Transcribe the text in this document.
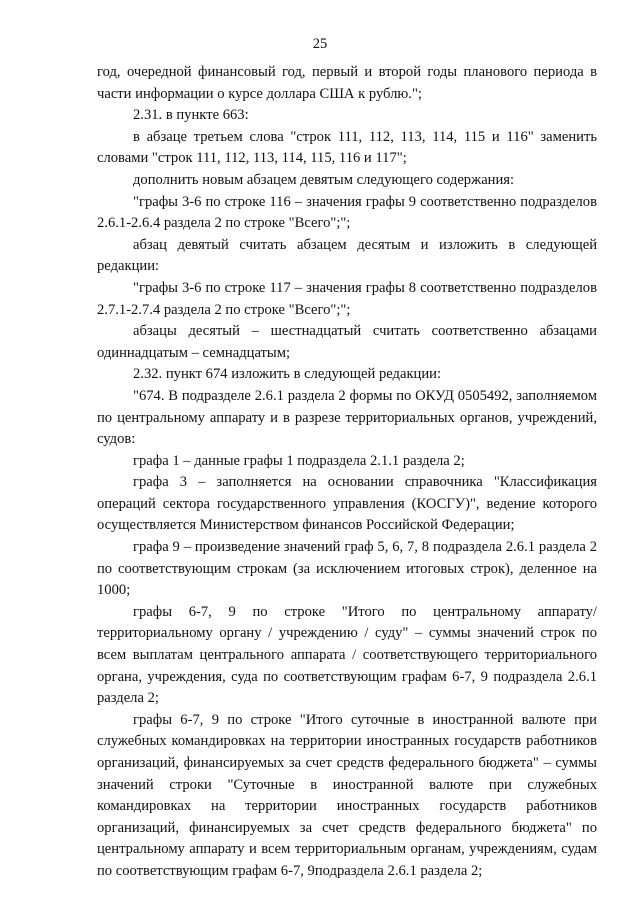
25

год, очередной финансовый год, первый и второй годы планового периода в части информации о курсе доллара США к рублю.";

2.31. в пункте 663:

в абзаце третьем слова "строк 111, 112, 113, 114, 115 и 116" заменить словами "строк 111, 112, 113, 114, 115, 116 и 117";

дополнить новым абзацем девятым следующего содержания:

"графы 3-6 по строке 116 – значения графы 9 соответственно подразделов 2.6.1-2.6.4 раздела 2 по строке "Всего";";

абзац девятый считать абзацем десятым и изложить в следующей редакции:

"графы 3-6 по строке 117 – значения графы 8 соответственно подразделов 2.7.1-2.7.4 раздела 2 по строке "Всего";";

абзацы десятый – шестнадцатый считать соответственно абзацами одиннадцатым – семнадцатым;

2.32. пункт 674 изложить в следующей редакции:

"674. В подразделе 2.6.1 раздела 2 формы по ОКУД 0505492, заполняемом по центральному аппарату и в разрезе территориальных органов, учреждений, судов:

графа 1 – данные графы 1 подраздела 2.1.1 раздела 2;

графа 3 – заполняется на основании справочника "Классификация операций сектора государственного управления (КОСГУ)", ведение которого осуществляется Министерством финансов Российской Федерации;

графа 9 – произведение значений граф 5, 6, 7, 8 подраздела 2.6.1 раздела 2 по соответствующим строкам (за исключением итоговых строк), деленное на 1000;

графы 6-7, 9 по строке "Итого по центральному аппарату/ территориальному органу / учреждению / суду" – суммы значений строк по всем выплатам центрального аппарата / соответствующего территориального органа, учреждения, суда по соответствующим графам 6-7, 9 подраздела 2.6.1 раздела 2;

графы 6-7, 9 по строке "Итого суточные в иностранной валюте при служебных командировках на территории иностранных государств работников организаций, финансируемых за счет средств федерального бюджета" – суммы значений строки "Суточные в иностранной валюте при служебных командировках на территории иностранных государств работников организаций, финансируемых за счет средств федерального бюджета" по центральному аппарату и всем территориальным органам, учреждениям, судам по соответствующим графам 6-7, 9подраздела 2.6.1 раздела 2;
